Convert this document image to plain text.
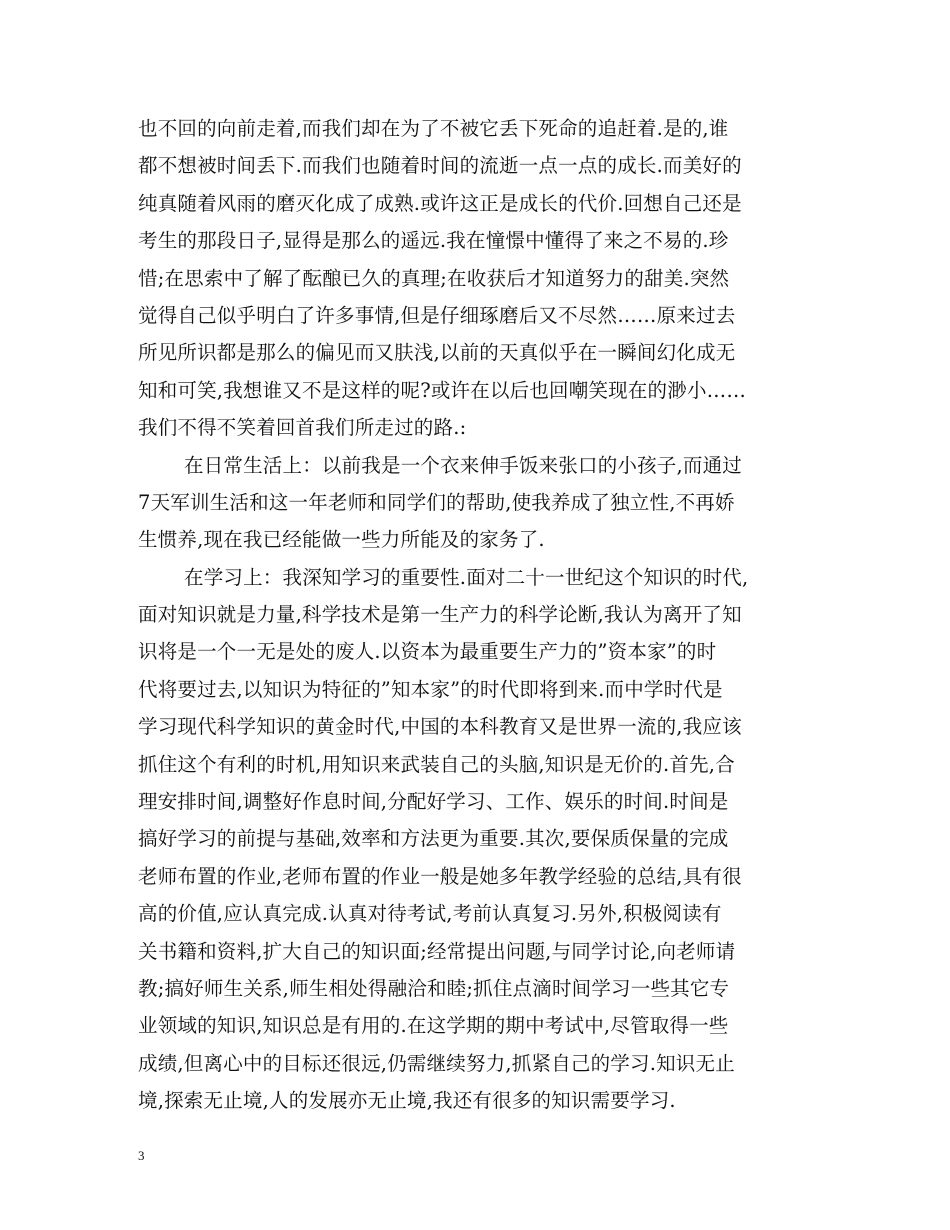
也不回的向前走着,而我们却在为了不被它丢下死命的追赶着.是的,谁
都不想被时间丢下.而我们也随着时间的流逝一点一点的成长.而美好的
纯真随着风雨的磨灭化成了成熟.或许这正是成长的代价.回想自己还是
考生的那段日子,显得是那么的遥远.我在憧憬中懂得了来之不易的.珍
惜;在思索中了解了酝酿已久的真理;在收获后才知道努力的甜美.突然
觉得自己似乎明白了许多事情,但是仔细琢磨后又不尽然……原来过去
所见所识都是那么的偏见而又肤浅,以前的天真似乎在一瞬间幻化成无
知和可笑,我想谁又不是这样的呢?或许在以后也回嘲笑现在的渺小……
我们不得不笑着回首我们所走过的路.:
在日常生活上：以前我是一个衣来伸手饭来张口的小孩子,而通过
7天军训生活和这一年老师和同学们的帮助,使我养成了独立性,不再娇
生惯养,现在我已经能做一些力所能及的家务了.
在学习上：我深知学习的重要性.面对二十一世纪这个知识的时代,
面对知识就是力量,科学技术是第一生产力的科学论断,我认为离开了知
识将是一个一无是处的废人.以资本为最重要生产力的”资本家”的时
代将要过去,以知识为特征的”知本家”的时代即将到来.而中学时代是
学习现代科学知识的黄金时代,中国的本科教育又是世界一流的,我应该
抓住这个有利的时机,用知识来武装自己的头脑,知识是无价的.首先,合
理安排时间,调整好作息时间,分配好学习、工作、娱乐的时间.时间是
搞好学习的前提与基础,效率和方法更为重要.其次,要保质保量的完成
老师布置的作业,老师布置的作业一般是她多年教学经验的总结,具有很
高的价值,应认真完成.认真对待考试,考前认真复习.另外,积极阅读有
关书籍和资料,扩大自己的知识面;经常提出问题,与同学讨论,向老师请
教;搞好师生关系,师生相处得融洽和睦;抓住点滴时间学习一些其它专
业领域的知识,知识总是有用的.在这学期的期中考试中,尽管取得一些
成绩,但离心中的目标还很远,仍需继续努力,抓紧自己的学习.知识无止
境,探索无止境,人的发展亦无止境,我还有很多的知识需要学习.
3
